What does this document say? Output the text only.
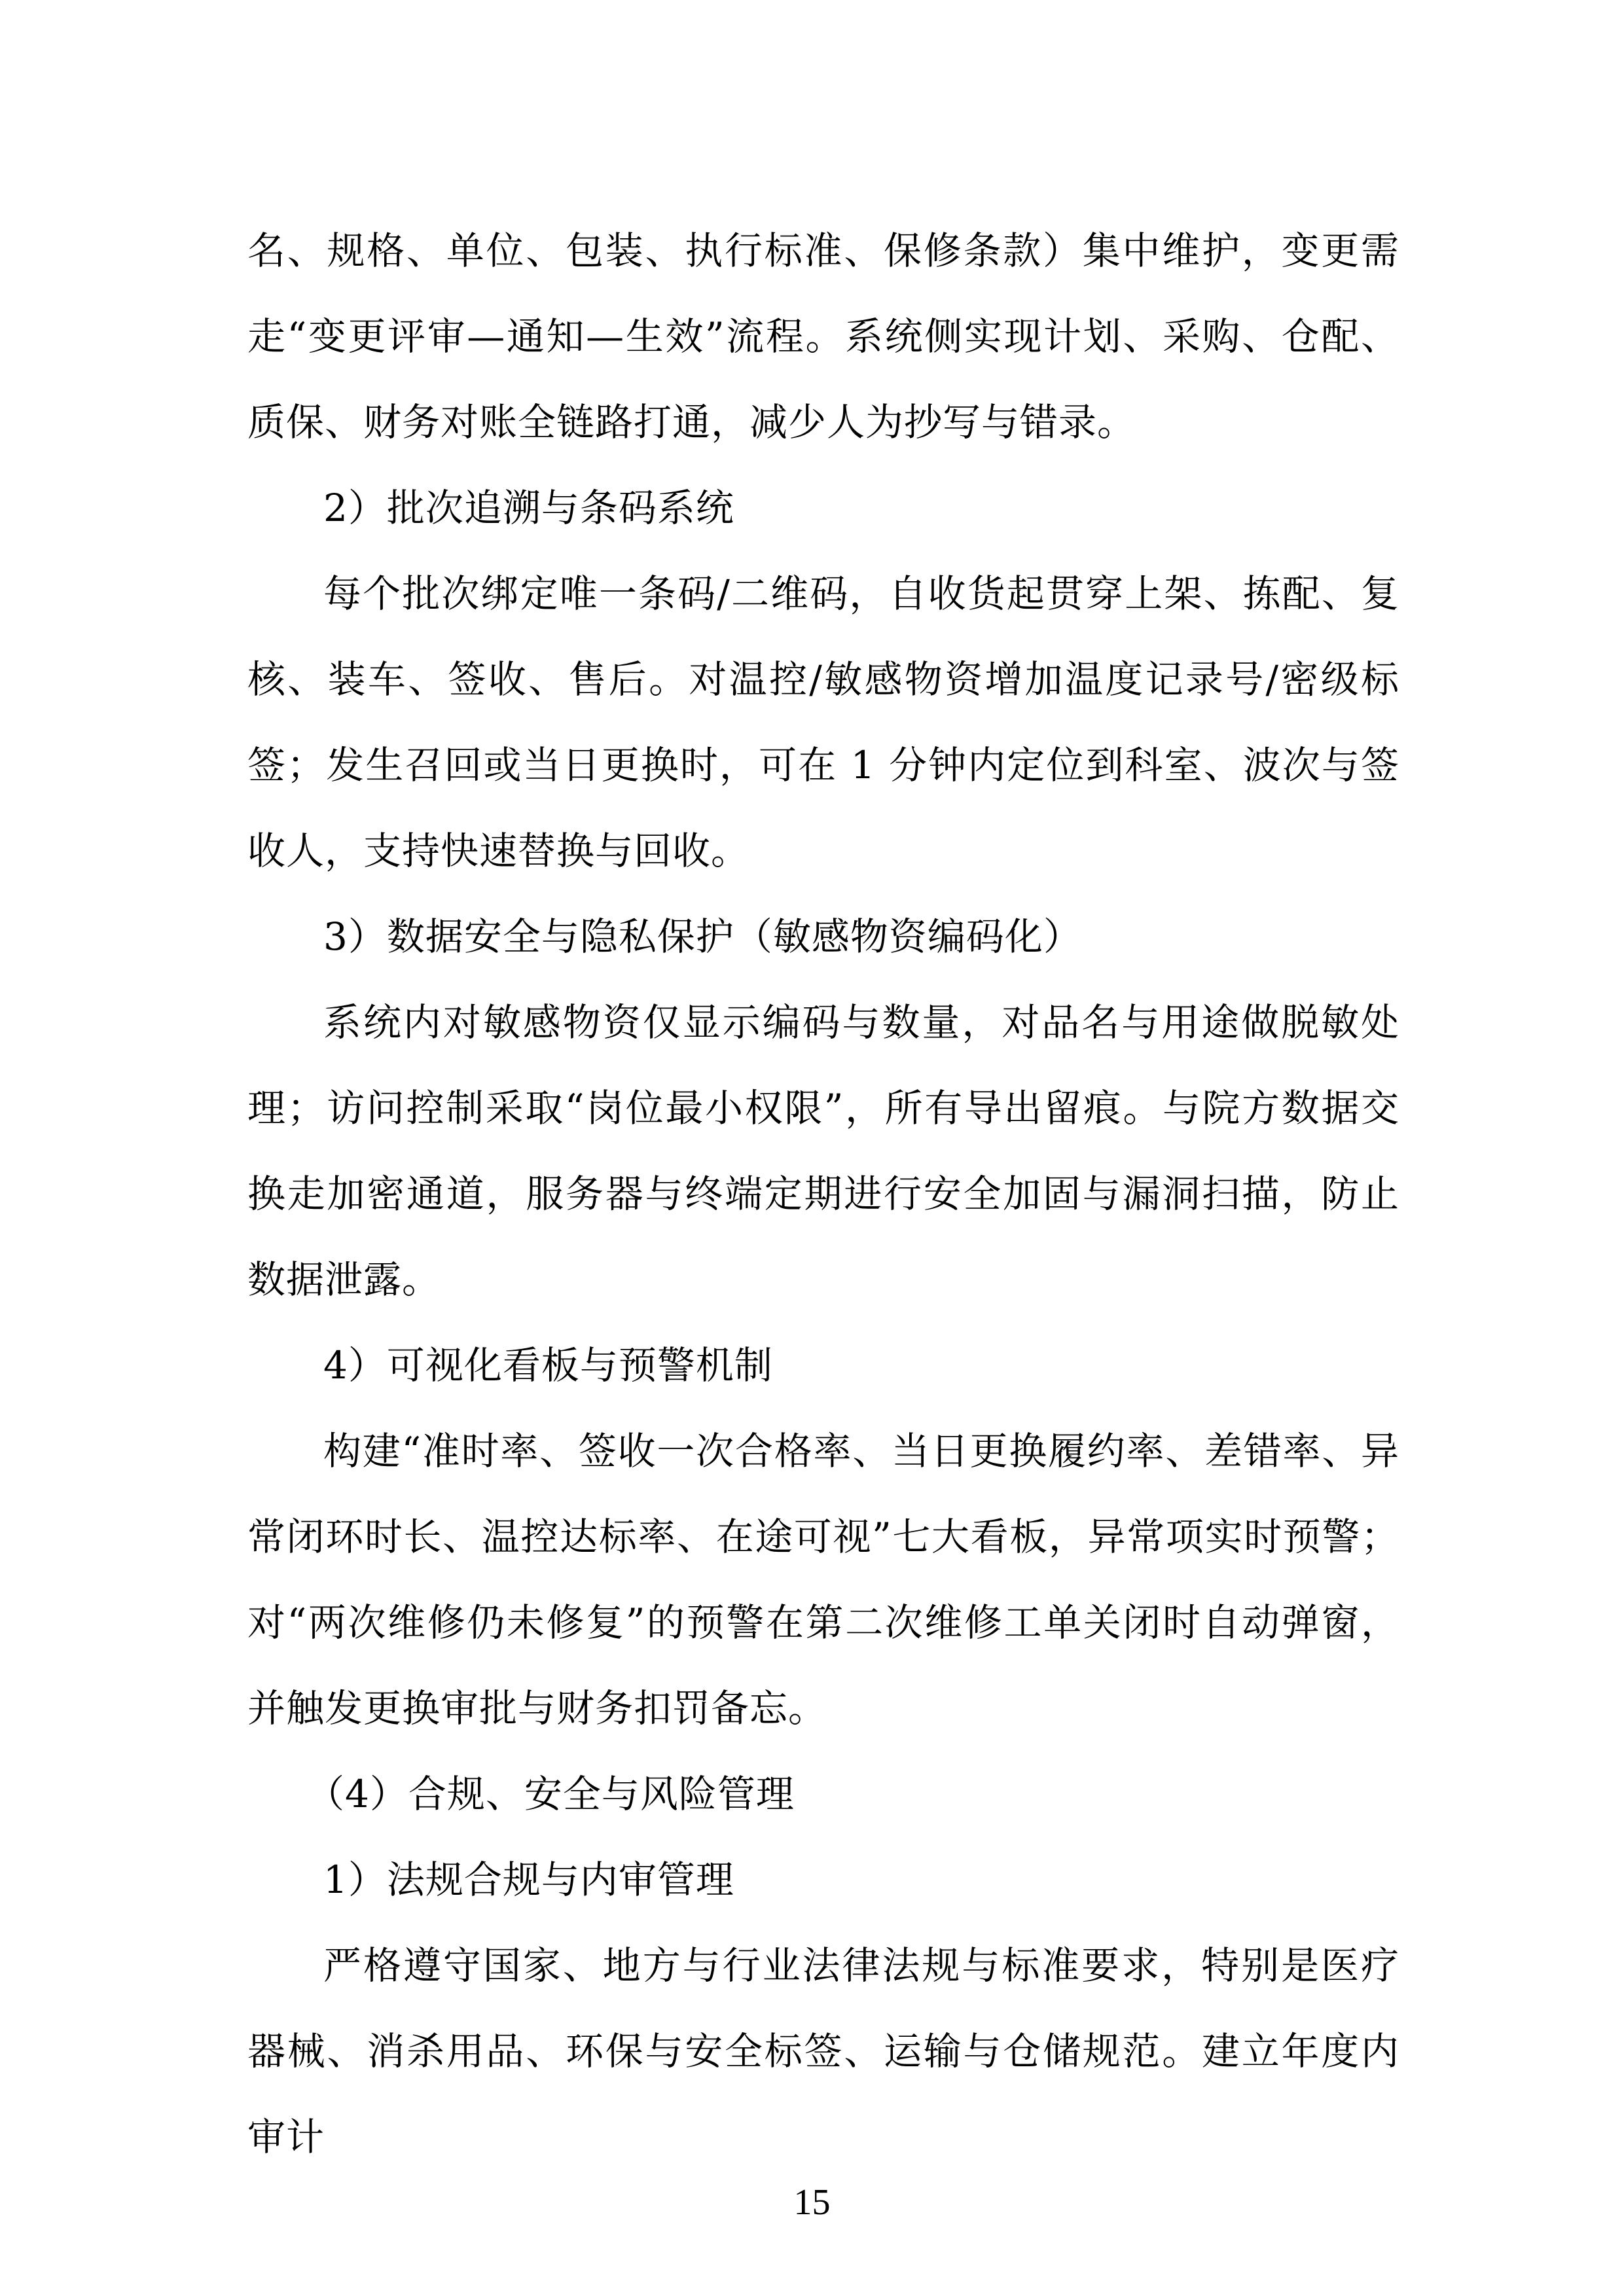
名、规格、单位、包装、执行标准、保修条款）集中维护，变更需走“变更评审—通知—生效”流程。系统侧实现计划、采购、仓配、质保、财务对账全链路打通，减少人为抄写与错录。

2）批次追溯与条码系统

每个批次绑定唯一条码/二维码，自收货起贯穿上架、拣配、复核、装车、签收、售后。对温控/敏感物资增加温度记录号/密级标签；发生召回或当日更换时，可在 1 分钟内定位到科室、波次与签收人，支持快速替换与回收。

3）数据安全与隐私保护（敏感物资编码化）

系统内对敏感物资仅显示编码与数量，对品名与用途做脱敏处理；访问控制采取“岗位最小权限”，所有导出留痕。与院方数据交换走加密通道，服务器与终端定期进行安全加固与漏洞扫描，防止数据泄露。

4）可视化看板与预警机制

构建“准时率、签收一次合格率、当日更换履约率、差错率、异常闭环时长、温控达标率、在途可视”七大看板，异常项实时预警；对“两次维修仍未修复”的预警在第二次维修工单关闭时自动弹窗，并触发更换审批与财务扣罚备忘。

（4）合规、安全与风险管理

1）法规合规与内审管理

严格遵守国家、地方与行业法律法规与标准要求，特别是医疗器械、消杀用品、环保与安全标签、运输与仓储规范。建立年度内审计

15
